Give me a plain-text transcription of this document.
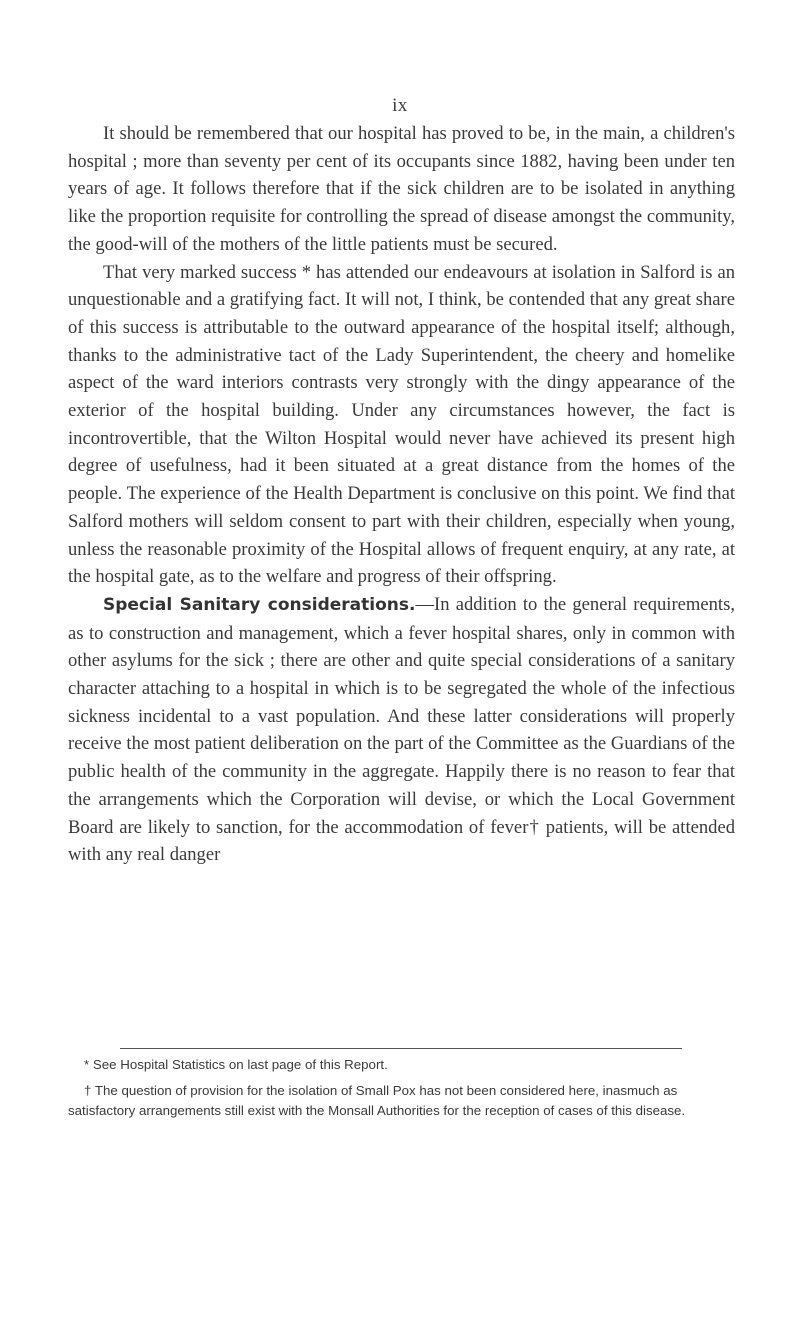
ix

It should be remembered that our hospital has proved to be, in the main, a children's hospital ; more than seventy per cent of its occupants since 1882, having been under ten years of age. It follows therefore that if the sick children are to be isolated in anything like the proportion requisite for controlling the spread of disease amongst the community, the good-will of the mothers of the little patients must be secured.

That very marked success * has attended our endeavours at isolation in Salford is an unquestionable and a gratifying fact. It will not, I think, be contended that any great share of this success is attributable to the outward appearance of the hospital itself; although, thanks to the administrative tact of the Lady Superintendent, the cheery and homelike aspect of the ward interiors contrasts very strongly with the dingy appearance of the exterior of the hospital building. Under any circumstances however, the fact is incontrovertible, that the Wilton Hospital would never have achieved its present high degree of usefulness, had it been situated at a great distance from the homes of the people. The experience of the Health Department is conclusive on this point. We find that Salford mothers will seldom consent to part with their children, especially when young, unless the reasonable proximity of the Hospital allows of frequent enquiry, at any rate, at the hospital gate, as to the welfare and progress of their offspring.

Special Sanitary considerations.—In addition to the general requirements, as to construction and management, which a fever hospital shares, only in common with other asylums for the sick ; there are other and quite special considerations of a sanitary character attaching to a hospital in which is to be segregated the whole of the infectious sickness incidental to a vast population. And these latter considerations will properly receive the most patient deliberation on the part of the Committee as the Guardians of the public health of the community in the aggregate. Happily there is no reason to fear that the arrangements which the Corporation will devise, or which the Local Government Board are likely to sanction, for the accommodation of fever† patients, will be attended with any real danger

* See Hospital Statistics on last page of this Report.

† The question of provision for the isolation of Small Pox has not been considered here, inasmuch as satisfactory arrangements still exist with the Monsall Authorities for the reception of cases of this disease.
